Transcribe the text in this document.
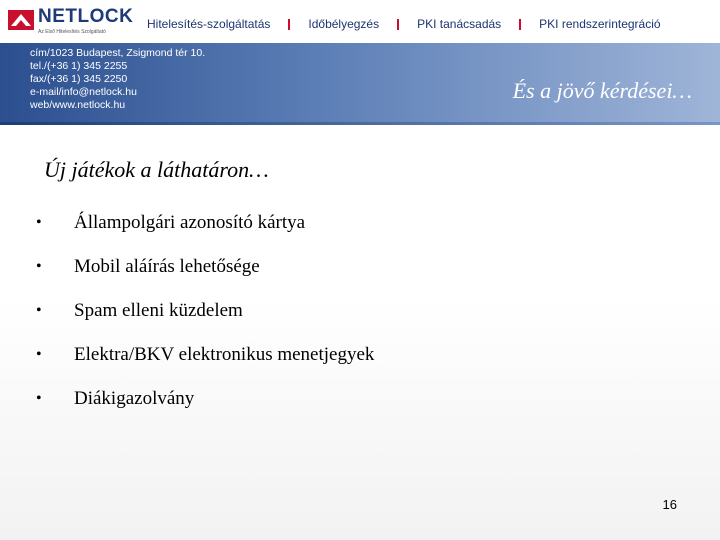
NETLOCK
Az Első Hitelesítés Szolgáltató
Hitelesítés-szolgáltatás	Időbélyegzés	PKI tanácsadás	PKI rendszerintegráció
cím/1023 Budapest, Zsigmond tér 10.
tel./(+36 1) 345 2255
fax/(+36 1) 345 2250
e-mail/info@netlock.hu
web/www.netlock.hu
És a jövő kérdései…
Új játékok a láthatáron…
• Állampolgári azonosító kártya
• Mobil aláírás lehetősége
• Spam elleni küzdelem
• Elektra/BKV elektronikus menetjegyek
• Diákigazolvány
16
